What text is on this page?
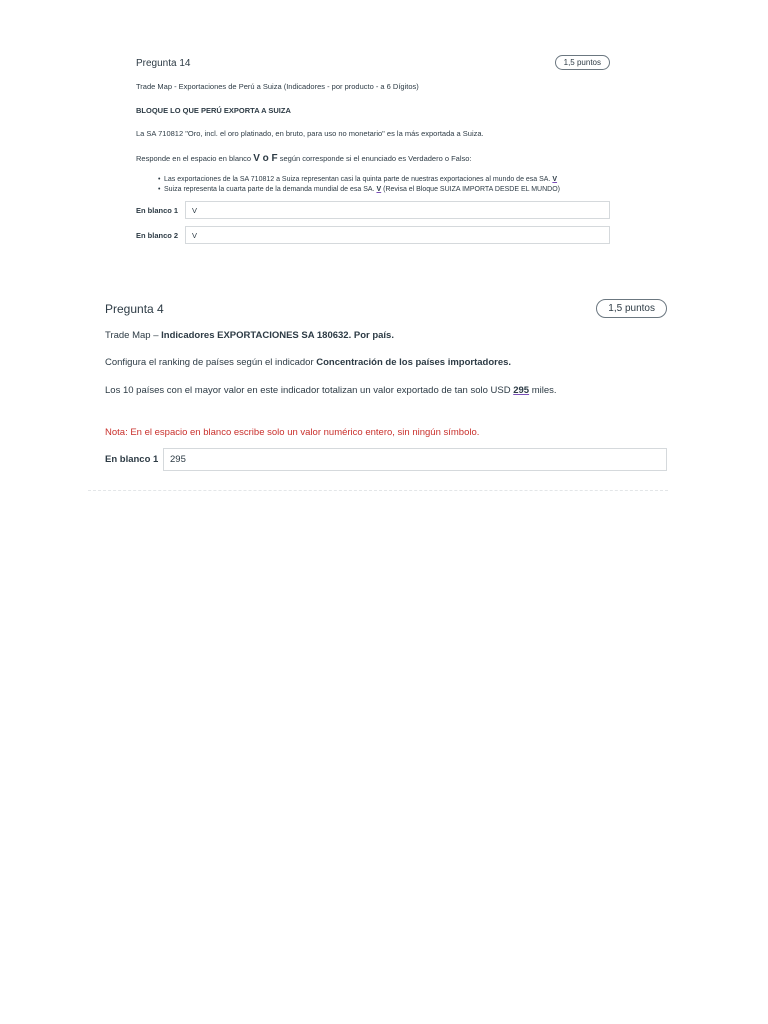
Pregunta 14	1,5 puntos

Trade Map - Exportaciones de Perú a Suiza (Indicadores - por producto - a 6 Dígitos)

BLOQUE LO QUE PERÚ EXPORTA A SUIZA

La SA 710812 "Oro, incl. el oro platinado, en bruto, para uso no monetario" es la más exportada a Suiza.

Responde en el espacio en blanco V o F según corresponde si el enunciado es Verdadero o Falso:

• Las exportaciones de la SA 710812 a Suiza representan casi la quinta parte de nuestras exportaciones al mundo de esa SA. V
• Suiza representa la cuarta parte de la demanda mundial de esa SA. V (Revisa el Bloque SUIZA IMPORTA DESDE EL MUNDO)
En blanco 1	V
En blanco 2	V
Pregunta 4	1,5 puntos

Trade Map – Indicadores EXPORTACIONES SA 180632. Por país.

Configura el ranking de países según el indicador Concentración de los países importadores.

Los 10 países con el mayor valor en este indicador totalizan un valor exportado de tan solo USD 295 miles.

Nota: En el espacio en blanco escribe solo un valor numérico entero, sin ningún símbolo.

En blanco 1	295
